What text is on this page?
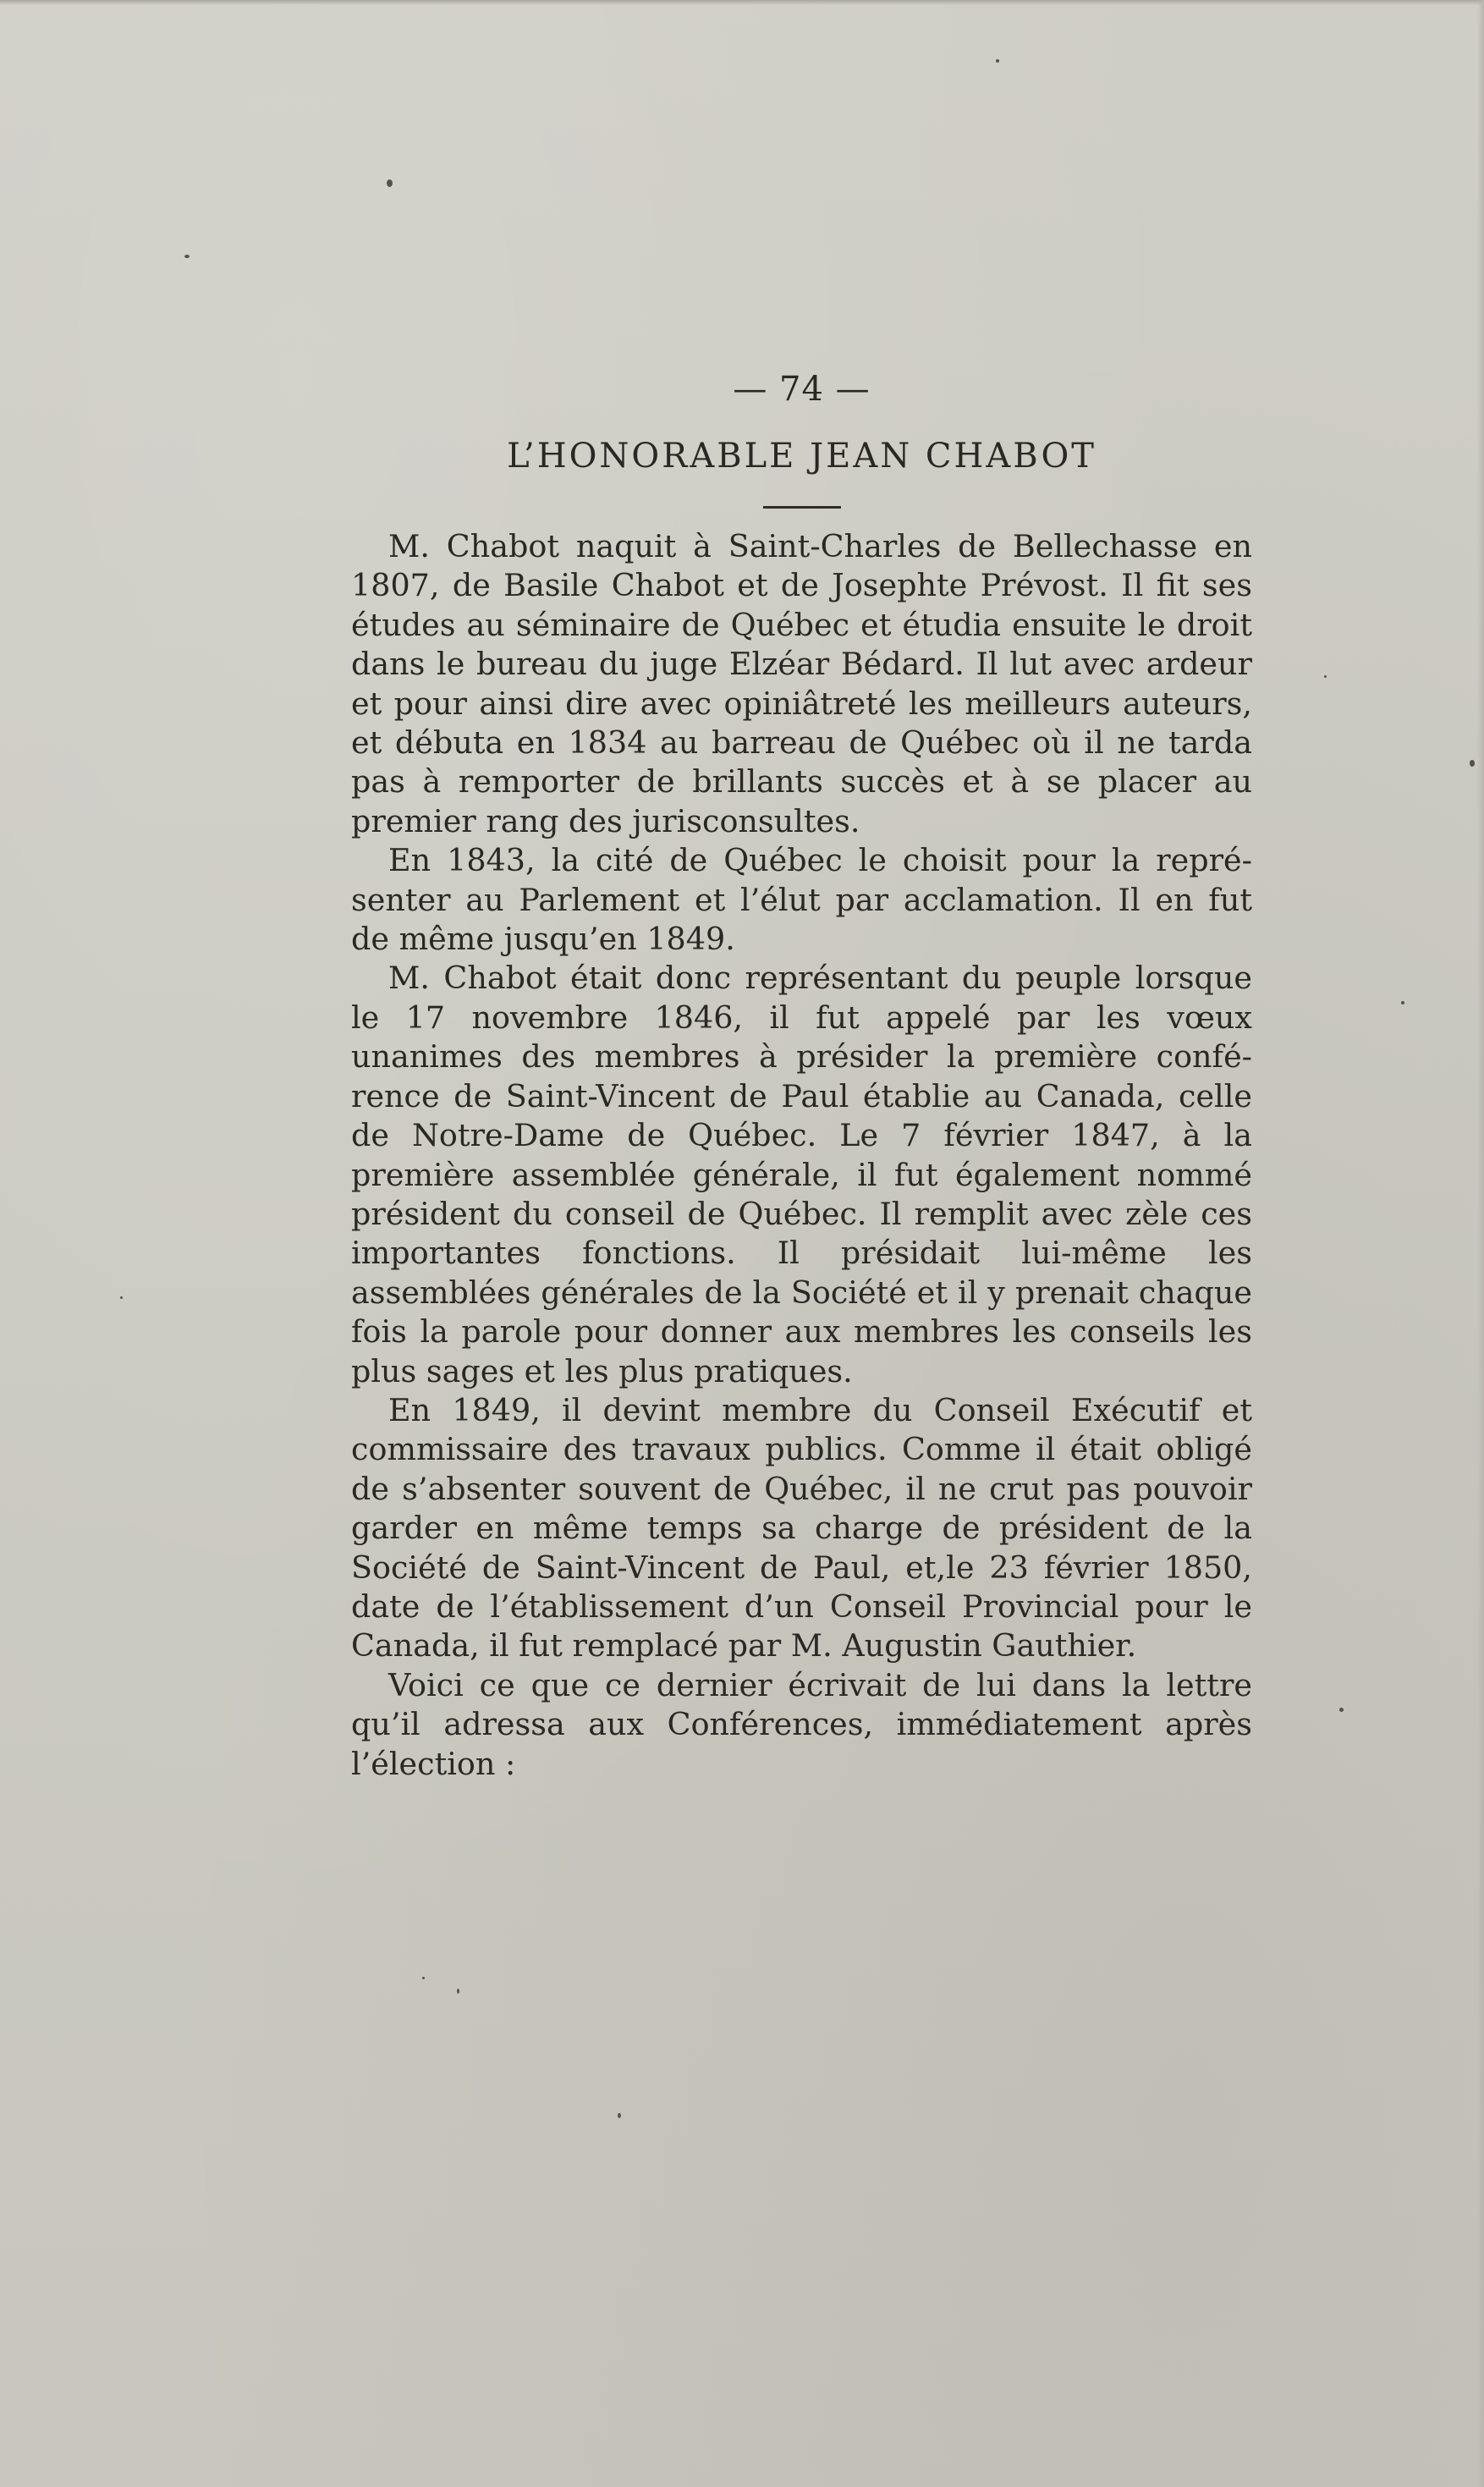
— 74 —
L’HONORABLE JEAN CHABOT

M. Chabot naquit à Saint-Charles de Bellechasse en 1807, de Basile Chabot et de Josephte Prévost. Il fit ses études au séminaire de Québec et étudia ensuite le droit dans le bureau du juge Elzéar Bédard. Il lut avec ardeur et pour ainsi dire avec opiniâtreté les meilleurs auteurs, et débuta en 1834 au barreau de Québec où il ne tarda pas à remporter de brillants succès et à se placer au premier rang des jurisconsultes.

En 1843, la cité de Québec le choisit pour la repré-senter au Parlement et l’élut par acclamation. Il en fut de même jusqu’en 1849.

M. Chabot était donc représentant du peuple lorsque le 17 novembre 1846, il fut appelé par les vœux unanimes des membres à présider la première confé-rence de Saint-Vincent de Paul établie au Canada, celle de Notre-Dame de Québec. Le 7 février 1847, à la première assemblée générale, il fut également nommé président du conseil de Québec. Il remplit avec zèle ces importantes fonctions. Il présidait lui-même les assemblées générales de la Société et il y prenait chaque fois la parole pour donner aux membres les conseils les plus sages et les plus pratiques.

En 1849, il devint membre du Conseil Exécutif et commissaire des travaux publics. Comme il était obligé de s’absenter souvent de Québec, il ne crut pas pouvoir garder en même temps sa charge de président de la Société de Saint-Vincent de Paul, et,le 23 février 1850, date de l’établissement d’un Conseil Provincial pour le Canada, il fut remplacé par M. Augustin Gauthier.

Voici ce que ce dernier écrivait de lui dans la lettre qu’il adressa aux Conférences, immédiatement après l’élection :
